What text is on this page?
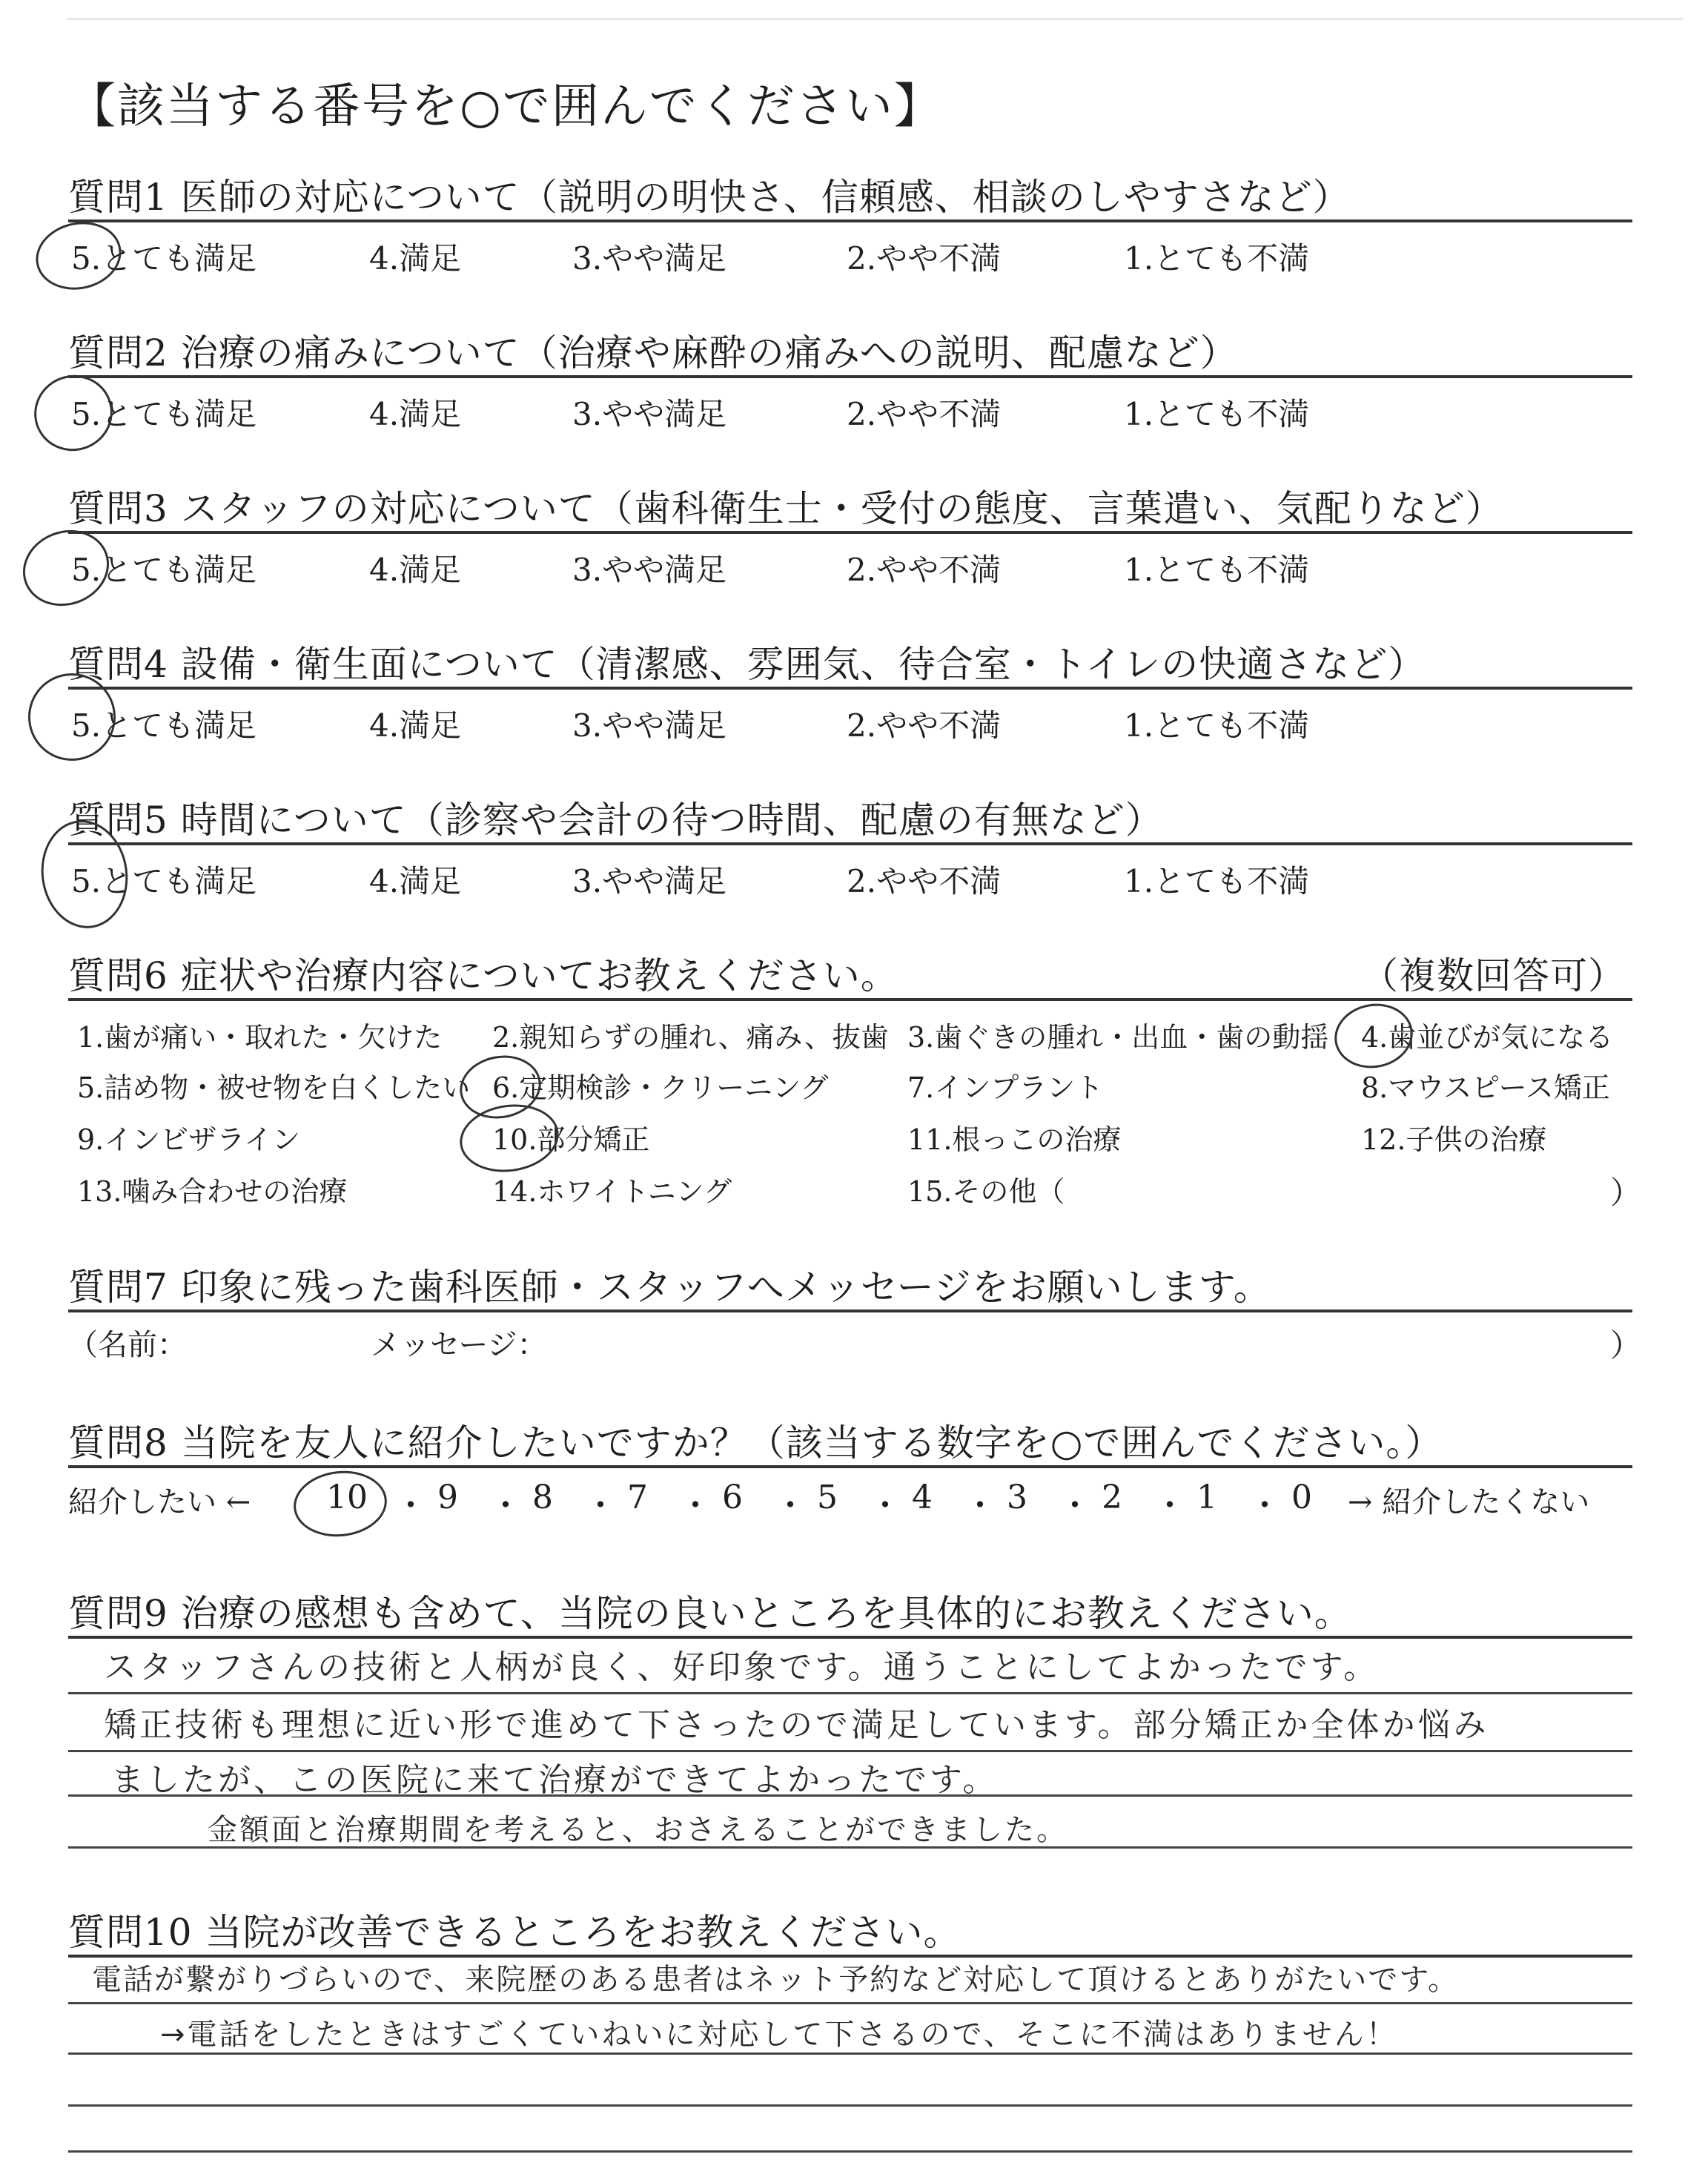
【該当する番号を○で囲んでください】
質問1 医師の対応について（説明の明快さ、信頼感、相談のしやすさなど）
5.とても満足	4.満足	3.やや満足	2.やや不満	1.とても不満
質問2 治療の痛みについて（治療や麻酔の痛みへの説明、配慮など）
5.とても満足	4.満足	3.やや満足	2.やや不満	1.とても不満
質問3 スタッフの対応について（歯科衛生士・受付の態度、言葉遣い、気配りなど）
5.とても満足	4.満足	3.やや満足	2.やや不満	1.とても不満
質問4 設備・衛生面について（清潔感、雰囲気、待合室・トイレの快適さなど）
5.とても満足	4.満足	3.やや満足	2.やや不満	1.とても不満
質問5 時間について（診察や会計の待つ時間、配慮の有無など）
5.とても満足	4.満足	3.やや満足	2.やや不満	1.とても不満
質問6 症状や治療内容についてお教えください。	（複数回答可）
1.歯が痛い・取れた・欠けた 2.親知らずの腫れ、痛み、抜歯 3.歯ぐきの腫れ・出血・歯の動揺 4.歯並びが気になる
5.詰め物・被せ物を白くしたい 6.定期検診・クリーニング	7.インプラント	8.マウスピース矯正
9.インビザライン	10.部分矯正	11.根っこの治療	12.子供の治療
13.噛み合わせの治療	14.ホワイトニング	15.その他（	）
質問7 印象に残った歯科医師・スタッフへメッセージをお願いします。
（名前：	メッセージ：	）
質問8 当院を友人に紹介したいですか？（該当する数字を○で囲んでください。）
紹介したい ← 10 ・ 9 ・ 8 ・ 7 ・ 6 ・ 5 ・ 4 ・ 3 ・ 2 ・ 1 ・ 0 → 紹介したくない
質問9 治療の感想も含めて、当院の良いところを具体的にお教えください。
スタッフさんの技術と人柄が良く、好印象です。通うことにしてよかったです。
矯正技術も理想に近い形で進めて下さったので満足しています。部分矯正か全体か悩み
ましたが、この医院に来て治療ができてよかったです。
金額面と治療期間を考えると、おさえることができました。
質問10 当院が改善できるところをお教えください。
電話が繋がりづらいので、来院歴のある患者はネット予約など対応して頂けるとありがたいです。
→電話をしたときはすごくていねいに対応して下さるので、そこに不満はありません！
